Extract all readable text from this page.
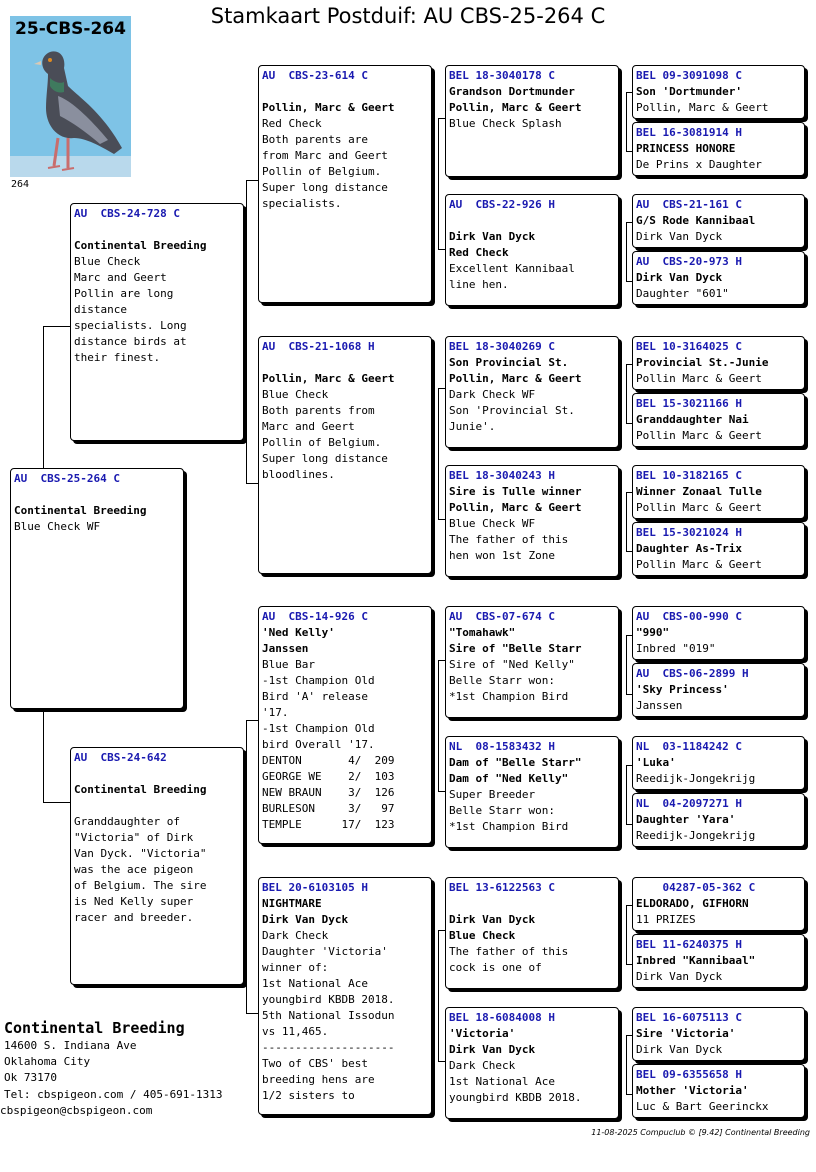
Stamkaart Postduif: AU CBS-25-264 C
25-CBS-264
264
AU  CBS-25-264 C
Continental Breeding
Blue Check WF
AU  CBS-24-728 C
Continental Breeding
Blue Check
Marc and Geert
Pollin are long
distance
specialists. Long
distance birds at
their finest.
AU  CBS-24-642
Continental Breeding
Granddaughter of
"Victoria" of Dirk
Van Dyck. "Victoria"
was the ace pigeon
of Belgium. The sire
is Ned Kelly super
racer and breeder.
AU  CBS-23-614 C
Pollin, Marc & Geert
Red Check
Both parents are
from Marc and Geert
Pollin of Belgium.
Super long distance
specialists.
AU  CBS-21-1068 H
Pollin, Marc & Geert
Blue Check
Both parents from
Marc and Geert
Pollin of Belgium.
Super long distance
bloodlines.
AU  CBS-14-926 C
'Ned Kelly'
Janssen
Blue Bar
-1st Champion Old
Bird 'A' release
'17.
-1st Champion Old
bird Overall '17.
DENTON       4/  209
GEORGE WE    2/  103
NEW BRAUN    3/  126
BURLESON     3/   97
TEMPLE      17/  123
BEL 20-6103105 H
NIGHTMARE
Dirk Van Dyck
Dark Check
Daughter 'Victoria'
winner of:
1st National Ace
youngbird KBDB 2018.
5th National Issodun
vs 11,465.
--------------------
Two of CBS' best
breeding hens are
1/2 sisters to
BEL 18-3040178 C
Grandson Dortmunder
Pollin, Marc & Geert
Blue Check Splash
AU  CBS-22-926 H
Dirk Van Dyck
Red Check
Excellent Kannibaal
line hen.
BEL 18-3040269 C
Son Provincial St.
Pollin, Marc & Geert
Dark Check WF
Son 'Provincial St.
Junie'.
BEL 18-3040243 H
Sire is Tulle winner
Pollin, Marc & Geert
Blue Check WF
The father of this
hen won 1st Zone
AU  CBS-07-674 C
"Tomahawk"
Sire of "Belle Starr
Sire of "Ned Kelly"
Belle Starr won:
*1st Champion Bird
NL  08-1583432 H
Dam of "Belle Starr"
Dam of "Ned Kelly"
Super Breeder
Belle Starr won:
*1st Champion Bird
BEL 13-6122563 C
Dirk Van Dyck
Blue Check
The father of this
cock is one of
BEL 18-6084008 H
'Victoria'
Dirk Van Dyck
Dark Check
1st National Ace
youngbird KBDB 2018.
BEL 09-3091098 C
Son 'Dortmunder'
Pollin, Marc & Geert
BEL 16-3081914 H
PRINCESS HONORE
De Prins x Daughter
AU  CBS-21-161 C
G/S Rode Kannibaal
Dirk Van Dyck
AU  CBS-20-973 H
Dirk Van Dyck
Daughter "601"
BEL 10-3164025 C
Provincial St.-Junie
Pollin Marc & Geert
BEL 15-3021166 H
Granddaughter Nai
Pollin Marc & Geert
BEL 10-3182165 C
Winner Zonaal Tulle
Pollin Marc & Geert
BEL 15-3021024 H
Daughter As-Trix
Pollin Marc & Geert
AU  CBS-00-990 C
"990"
Inbred "019"
AU  CBS-06-2899 H
'Sky Princess'
Janssen
NL  03-1184242 C
'Luka'
Reedijk-Jongekrijg
NL  04-2097271 H
Daughter 'Yara'
Reedijk-Jongekrijg
04287-05-362 C
ELDORADO, GIFHORN
11 PRIZES
BEL 11-6240375 H
Inbred "Kannibaal"
Dirk Van Dyck
BEL 16-6075113 C
Sire 'Victoria'
Dirk Van Dyck
BEL 09-6355658 H
Mother 'Victoria'
Luc & Bart Geerinckx
Continental Breeding
14600 S. Indiana Ave
Oklahoma City
Ok 73170
Tel: cbspigeon.com / 405-691-1313
cbspigeon@cbspigeon.com
11-08-2025 Compuclub © [9.42] Continental Breeding
